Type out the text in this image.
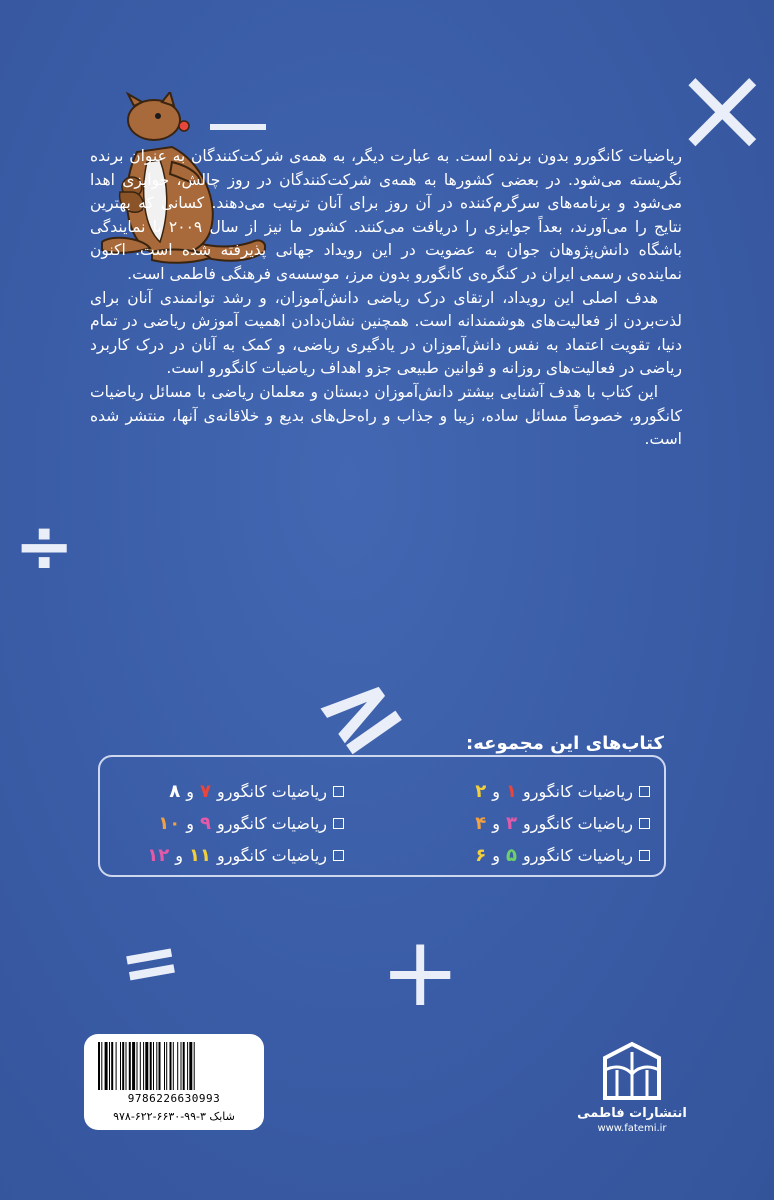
×
÷
≥
= +

ریاضیات کانگورو بدون برنده است. به عبارت دیگر، به همه‌ی شرکت‌کنندگان به عنوان برنده نگریسته می‌شود. در بعضی کشورها به همه‌ی شرکت‌کنندگان در روز چالش، جوایزی اهدا می‌شود و برنامه‌های سرگرم‌کننده در آن روز برای آنان ترتیب می‌دهند. کسانی که بهترین نتایج را می‌آورند، بعداً جوایزی را دریافت می‌کنند. کشور ما نیز از سال ۲۰۰۹ با نمایندگی باشگاه دانش‌پژوهان جوان به عضویت در این رویداد جهانی پذیرفته شده است. اکنون نماینده‌ی رسمی ایران در کنگره‌ی کانگورو بدون مرز، موسسه‌ی فرهنگی فاطمی است.

هدف اصلی این رویداد، ارتقای درک ریاضی دانش‌آموزان، و رشد توانمندی آنان برای لذت‌بردن از فعالیت‌های هوشمندانه است. همچنین نشان‌دادن اهمیت آموزش ریاضی در تمام دنیا، تقویت اعتماد به نفس دانش‌آموزان در یادگیری ریاضی، و کمک به آنان در درک کاربرد ریاضی در فعالیت‌های روزانه و قوانین طبیعی جزو اهداف ریاضیات کانگورو است.

این کتاب با هدف آشنایی بیشتر دانش‌آموزان دبستان و معلمان ریاضی با مسائل ریاضیات کانگورو، خصوصاً مسائل ساده، زیبا و جذاب و راه‌حل‌های بدیع و خلاقانه‌ی آنها، منتشر شده است.

کتاب‌های این مجموعه:
ریاضیات کانگورو
۱
و
۲
ریاضیات کانگورو
۳
و
۴
ریاضیات کانگورو
۵
و
۶
ریاضیات کانگورو
۷
و
۸
ریاضیات کانگورو
۹
و
۱۰
ریاضیات کانگورو
۱۱
و
۱۲
9786226630993
شابک ۳-۹۹-۶۶۳۰-۶۲۲-۹۷۸	انتشارات فاطمی
www.fatemi.ir
